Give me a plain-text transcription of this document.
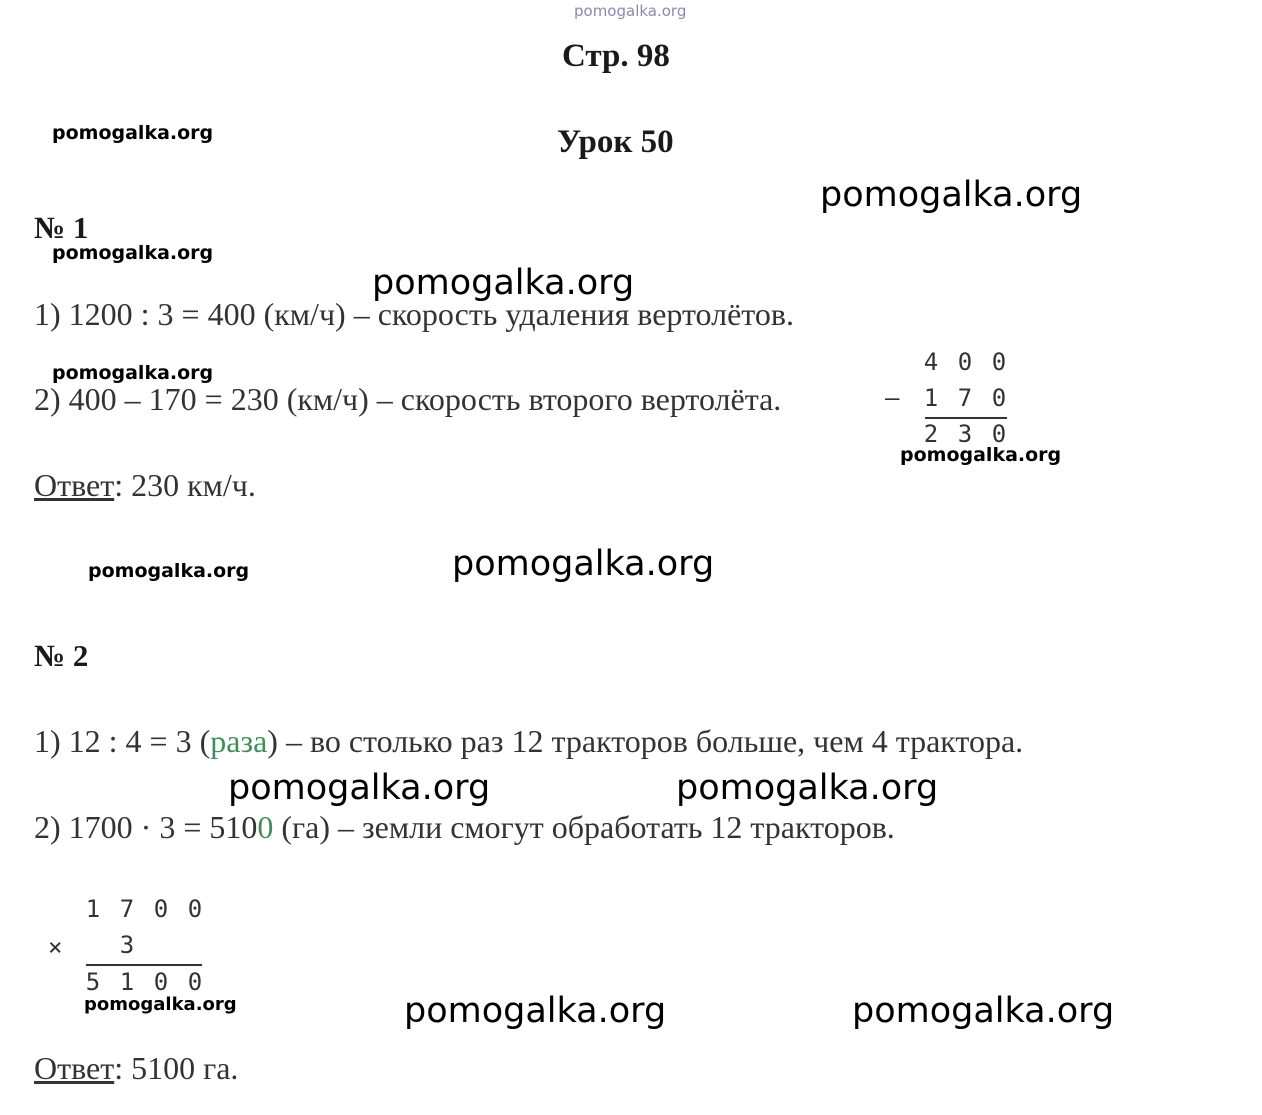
pomogalka.org
Стр. 98
Урок 50
pomogalka.org
pomogalka.org
pomogalka.org
pomogalka.org
pomogalka.org
pomogalka.org
pomogalka.org	pomogalka.org
pomogalka.org	pomogalka.org
pomogalka.org	pomogalka.org	pomogalka.org
№ 1
1) 1200 : 3 = 400 (км/ч) – скорость удаления вертолётов.
2) 400 – 170 = 230 (км/ч) – скорость второго вертолёта.
Ответ: 230 км/ч.
–
4 0 0
1 7 0
2 3 0
№ 2
1) 12 : 4 = 3 (раза) – во столько раз 12 тракторов больше, чем 4 трактора.
2) 1700 · 3 = 5100 (га) – земли смогут обработать 12 тракторов.
×
1 7 0 0
3
5 1 0 0
Ответ: 5100 га.
